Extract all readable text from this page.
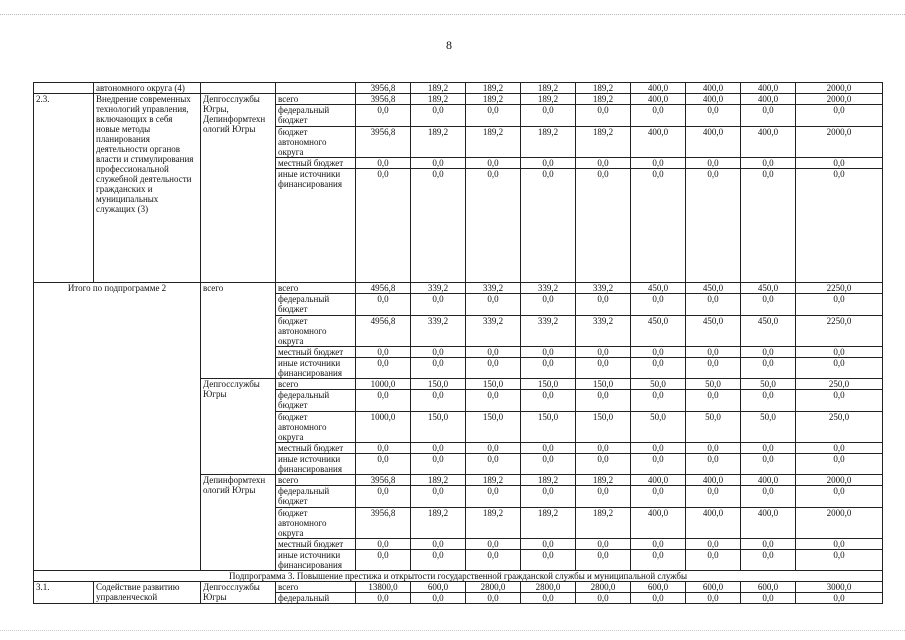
8
	автономного округа (4)			3956,8	189,2	189,2	189,2	189,2	400,0	400,0	400,0	2000,0
2.3.	Внедрение современных технологий управления, включающих в себя новые методы планирования деятельности органов власти и стимулирования профессиональной служебной деятельности гражданских и муниципальных служащих (3)	Депгосслужбы Югры, Депинформтехн ологий Югры	всего	3956,8	189,2	189,2	189,2	189,2	400,0	400,0	400,0	2000,0
			федеральный бюджет	0,0	0,0	0,0	0,0	0,0	0,0	0,0	0,0	0,0
			бюджет автономного округа	3956,8	189,2	189,2	189,2	189,2	400,0	400,0	400,0	2000,0
			местный бюджет	0,0	0,0	0,0	0,0	0,0	0,0	0,0	0,0	0,0
			иные источники финансирования	0,0	0,0	0,0	0,0	0,0	0,0	0,0	0,0	0,0
Итого по подпрограмме 2		всего	всего	4956,8	339,2	339,2	339,2	339,2	450,0	450,0	450,0	2250,0
			федеральный бюджет	0,0	0,0	0,0	0,0	0,0	0,0	0,0	0,0	0,0
			бюджет автономного округа	4956,8	339,2	339,2	339,2	339,2	450,0	450,0	450,0	2250,0
			местный бюджет	0,0	0,0	0,0	0,0	0,0	0,0	0,0	0,0	0,0
			иные источники финансирования	0,0	0,0	0,0	0,0	0,0	0,0	0,0	0,0	0,0
		Депгосслужбы Югры	всего	1000,0	150,0	150,0	150,0	150,0	50,0	50,0	50,0	250,0
			федеральный бюджет	0,0	0,0	0,0	0,0	0,0	0,0	0,0	0,0	0,0
			бюджет автономного округа	1000,0	150,0	150,0	150,0	150,0	50,0	50,0	50,0	250,0
			местный бюджет	0,0	0,0	0,0	0,0	0,0	0,0	0,0	0,0	0,0
			иные источники финансирования	0,0	0,0	0,0	0,0	0,0	0,0	0,0	0,0	0,0
		Депинформтехн ологий Югры	всего	3956,8	189,2	189,2	189,2	189,2	400,0	400,0	400,0	2000,0
			федеральный бюджет	0,0	0,0	0,0	0,0	0,0	0,0	0,0	0,0	0,0
			бюджет автономного округа	3956,8	189,2	189,2	189,2	189,2	400,0	400,0	400,0	2000,0
			местный бюджет	0,0	0,0	0,0	0,0	0,0	0,0	0,0	0,0	0,0
			иные источники финансирования	0,0	0,0	0,0	0,0	0,0	0,0	0,0	0,0	0,0
Подпрограмма 3. Повышение престижа и открытости государственной гражданской службы и муниципальной службы												
3.1.	Содействие развитию управленческой	Депгосслужбы Югры	всего	13800,0	600,0	2800,0	2800,0	2800,0	600,0	600,0	600,0	3000,0
			федеральный	0,0	0,0	0,0	0,0	0,0	0,0	0,0	0,0	0,0
